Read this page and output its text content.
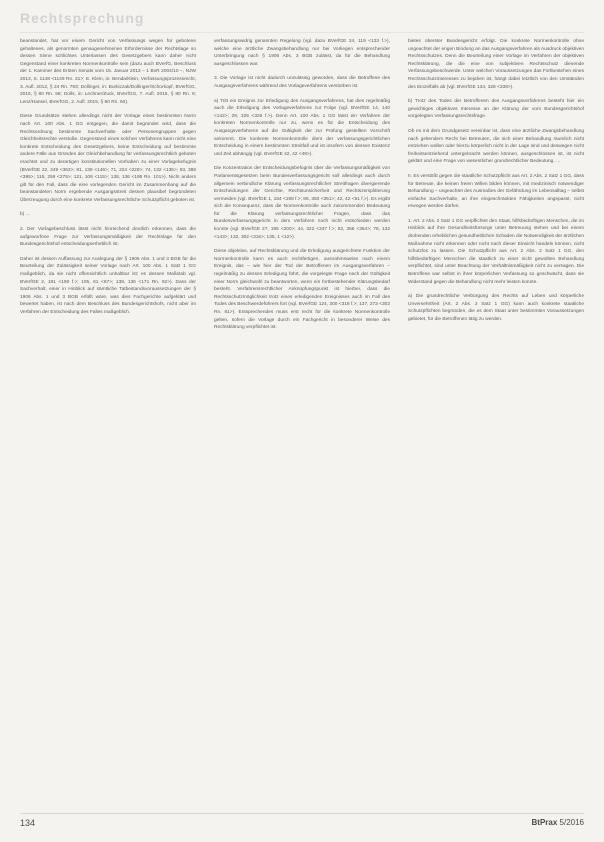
Rechtsprechung

beanstandet, hat vor einem Gericht von Verfassungs wegen für gebotene gehaltenes, als genormten genaugenehmenen Erfordernisse der Rechtslage so dessen Sinne schlichtes Unterlassen des Gesetzgebers kann daher nicht Gegenstand einer konkreten Normenkontrolle sein (dazu auch BVerfG, Beschluss der 1. Kammer des Ersten Senats vom 15. Januar 2013 – 1 BvR 2004/10 –, NJW 2013, S. 1148 <1149 Rn. 21>; E. Klein, in: Benda/Klein, Verfassungsprozessrecht, 3. Aufl. 2012, § 24 Rn. 793; Dollinger, in: Burkiczak/Dollinger/Schorkopf, BVerfGG, 2015, § 80 Rn. 58; Dolls, in: Lechner/Zuck, BVerfGG, 7. Aufl. 2015, § 80 Rn. 9; Lenz/Hansel, BVerfGG, 2. Aufl. 2015, § 80 Rn. 60).

Diese Grundsätze stehen allerdings nicht der Vorlage eines bestimmten Norm nach Art. 100 Abs. 1 GG entgegen, die damit begründet wird, dass die Rechtsordnung bestimmte Sachverhalte oder Personengruppen gegen Gleichheitsrechte verstoße. Gegenstand eines solchen Verfahrens kann nicht eine konkrete Entscheidung des Gesetzgebers, keine Entscheidung auf bestimmte andere Fälle aus Gründen der Gleichbehandlung für verfassungsrechtlich geboten erachtet und zu derartigen konstitutionellen Vorhaben zu einer Vorlagebefugnis (BVerfGE 22, 349 <363>; 81, 138 <146>; 71, 224 <228>; 74, 132 <135>; 93, 386 <395>; 115, 259 <275>; 121, 108 <115>; 138, 136 <195 Rn. 101>). Nicht anders gilt für den Fall, dass die eine vorlegenden Gericht im Zusammenhang auf die beanstandeten Norm ergebende Ausgangsstreit dessen plausibel begründeten Überzeugung durch eine konkrete Verfassungsrechtliche Schutzpflicht geboten ist.

b) …

2. Der Vorlagebeschluss lässt nicht hinreichend deutlich erkennen, dass die aufgeworfene Frage zur Verfassungsmäßigkeit der Rechtslage für den Bundesgerichtshof entscheidungserheblich ist.

Daher ist dessen Auffassung zur Auslegung der § 1906 Abs. 1 und 3 BGB für die Beurteilung der Zulässigkeit seiner Vorlage nach Art. 100 Abs. 1 Satz 1 GG maßgeblich, da sie nicht offensichtlich unhaltbar ist; es dessen Maßstab vgl. BVerfGE 2, 181 <190 f.>; 105, 61 <67>; 138, 136 <171 Rn. 92>). Dass der Sachverhalt, einer in Hinblick auf sämtliche Tatbestandsvoraussetzungen der § 1906 Abs. 1 und 3 BGB erfüllt wäre, was dies Fachgerichte aufgeklärt und bewertet haben, ist nach dem Beschluss des Bundesgerichtshofs, nicht aber im Verfahren der Entscheidung des Falles maßgeblich.

verfassungswidrig genannten Regelung (vgl. dazu BVerfGE 24, 119 <133 f.>), welche eine ärztliche Zwangsbehandlung nur bei Vorliegen entsprechender Unterbringung nach § 1906 Abs. 3 BGB zulässt, da für die Behandlung ausgeschlossen war.

3. Die Vorlage ist nicht dadurch unzulässig geworden, dass die Betroffene des Ausgangsverfahrens während des Vorlageverfahrens verstorben ist.

a) Tritt ein Ereignis zur Erledigung des Ausgangsverfahrens, hat dies regelmäßig auch die Erledigung des Vorlageverfahrens zur Folge (vgl. BVerfGE 14, 140 <142>; 29, 325 <326 f.>). Denn Art. 100 Abs. 1 GG lässt ein Verfahren der konkreten Normenkontrolle nur zu, wenn es für die Entscheidung des Ausgangsverfahrens auf die Gültigkeit der zur Prüfung gestellten Vorschrift ankommt. Die konkrete Normenkontrolle dient der verfassungsgerichtlichen Entscheidung in einem bestimmten Streitfall und ist insofern von dessen Existenz und Zeit abhängig (vgl. BVerfGE 42, 42 <49>).

Die Konzentration der Entscheidungsbefugnis über die Verfassungsmäßigkeit von Parlamentsgesetzen beim Bundesverfassungsgericht soll allerdings auch durch allgemein verbindliche Klärung verfassungsrechtlicher Streitfragen divergierende Entscheidungen der Gerichte, Rechtsunsicherheit und Rechtszersplitterung vermeiden (vgl. BVerfGE 1, 184 <198 f.>; 86, 350 <351>; 42, 42 <51 f.>). Es ergibt sich die Konsequenz, dass die Normenkontrolle auch zukommenden Bedeutung für die Klärung verfassungsrechtlicher Fragen, dass das Bundesverfassungsgericht in dem Verfahren noch nicht entschieden werden konnte (vgl. BVerfGE 27, 195 <200>; 44, 322 <337 f.>; 82, 356 <364>; 78, 132 <143>; 132, 302 <316>; 135, 1 <12>).

Diese objektive, auf Rechtsklärung und die Erledigung ausgerichtete Funktion der Normenkontrolle kann es auch rechtfertigen, ausnahmsweise nach einem Ereignis, das – wie hier der Tod der Betroffenen im Ausgangsverfahren – regelmäßig zu dessen Erledigung führt, die vorgelegte Frage nach der Gültigkeit einer Norm gleichwohl zu beantworten, wenn ein fortbestehender Klärungsbedarf besteht. Verfahrensrechtlicher Anknüpfungspunkt ist hierbei, dass die Rechtsschutzmöglichkeit trotz eines erledigenden Ereignisses auch im Fall des Todes des Beschwerdeführers fort (vgl. BVerfGE 124, 300 <318 f.>; 137, 273 <302 Rn. 81>). Entsprechendes muss erst recht für die konkrete Normenkontrolle gelten, sofern die Vorlage durch ein Fachgericht in besonderer Weise des Rechtsklärung verpflichtet ist.

bietes oberster Bundesgericht erfolgt. Die konkrete Normenkontrolle ohne ungeachtet der engen Bindung an das Ausgangsverfahren als Ausdruck objektiven Rechtsschutzes. Denn die Beurteilung einer Vorlage im Verfahren der objektiven Rechtsklärung, die die eine von subjektiven Rechtsschutz dienende Verfassungsbeschwerde. Unter welchen Voraussetzungen das Fortbestehen eines Rechtsschutzinteresses zu bejahen ist, hängt dabei letztlich von den Umständen des Einzelfalls ab (vgl. BVerfGE 134, 328 <338>).

b) Trotz des Todes der Betroffenen des Ausgangsverfahrens besteht hier ein gewichtiges objektives Interesse an der Klärung der vom Bundesgerichtshof vorgelegten Verfassungsrechtsfrage.

Ob es mit dem Grundgesetz vereinbar ist, dass eine ärztliche Zwangsbehandlung nach geltendem Recht bei Betreuten, die sich einer Behandlung räumlich nicht entziehen wollen oder hierzu körperlich nicht in der Lage sind und deswegen nicht freiheitsentziehend untergebracht werden können, ausgeschlossen ist, ist nicht geklärt und eine Frage von wesentlicher grundrechtlicher Bedeutung. …

II. Es verstößt gegen die staatliche Schutzpflicht aus Art. 2 Abs. 2 Satz 1 GG, dass für Betreute, die keinen freien Willen bilden können, mit medizinisch notwendiger Behandlung – ungeachtet des Ausmaßes der Gefährdung im Lebensalltag – selbst einfache Sachverhalte, an ihre eingeschränkten Fähigkeiten angepasst, nicht erwogen werden dürfen.

1. Art. 2 Abs. 2 Satz 1 GG verpflichtet den Staat, hilfsbedürftigen Menschen, die im Hinblick auf ihre Gesundheitsfürsorge unter Betreuung stehen und bei einem drohenden erheblichen gesundheitlichen Schaden die Notwendigkeit der ärztlichen Maßnahme nicht erkennen oder nicht nach dieser Einsicht handeln können, nicht schutzlos zu lassen. Die Schutzpflicht aus Art. 2 Abs. 2 Satz 1 GG, den hilfsbedürftigen Menschen die staatlich zu einer nicht gewollten Behandlung verpflichtet, sind unter Beachtung der Verhältnismäßigkeit nicht zu versagen. Die Betroffene war selbst in ihrer körperlichen Verfassung so geschwächt, dass sie Widerstand gegen die Behandlung nicht mehr leisten konnte.

a) Die grundrechtliche Verbürgung des Rechts auf Leben und körperliche Unversehrtheit (Art. 2 Abs. 2 Satz 1 GG) kann auch konkrete staatliche Schutzpflichten begründen, die es dem Staat unter bestimmten Voraussetzungen gebietet, für die Betroffenen tätig zu werden.

134	BtPrax 5/2016
